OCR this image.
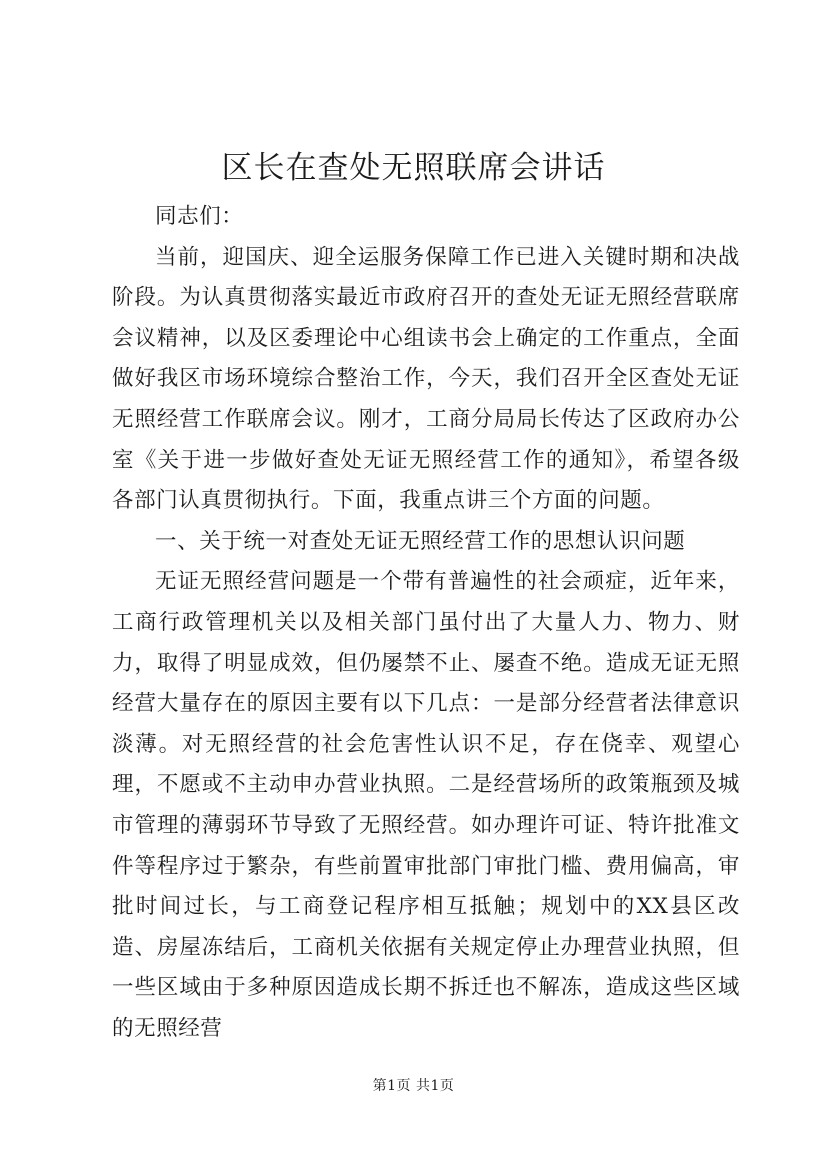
区长在查处无照联席会讲话

同志们：

当前，迎国庆、迎全运服务保障工作已进入关键时期和决战阶段。为认真贯彻落实最近市政府召开的查处无证无照经营联席会议精神，以及区委理论中心组读书会上确定的工作重点，全面做好我区市场环境综合整治工作，今天，我们召开全区查处无证无照经营工作联席会议。刚才，工商分局局长传达了区政府办公室《关于进一步做好查处无证无照经营工作的通知》，希望各级各部门认真贯彻执行。下面，我重点讲三个方面的问题。

一、关于统一对查处无证无照经营工作的思想认识问题

无证无照经营问题是一个带有普遍性的社会顽症，近年来，工商行政管理机关以及相关部门虽付出了大量人力、物力、财力，取得了明显成效，但仍屡禁不止、屡查不绝。造成无证无照经营大量存在的原因主要有以下几点：一是部分经营者法律意识淡薄。对无照经营的社会危害性认识不足，存在侥幸、观望心理，不愿或不主动申办营业执照。二是经营场所的政策瓶颈及城市管理的薄弱环节导致了无照经营。如办理许可证、特许批准文件等程序过于繁杂，有些前置审批部门审批门槛、费用偏高，审批时间过长，与工商登记程序相互抵触；规划中的XX县区改造、房屋冻结后，工商机关依据有关规定停止办理营业执照，但一些区域由于多种原因造成长期不拆迁也不解冻，造成这些区域的无照经营

第1页 共1页
